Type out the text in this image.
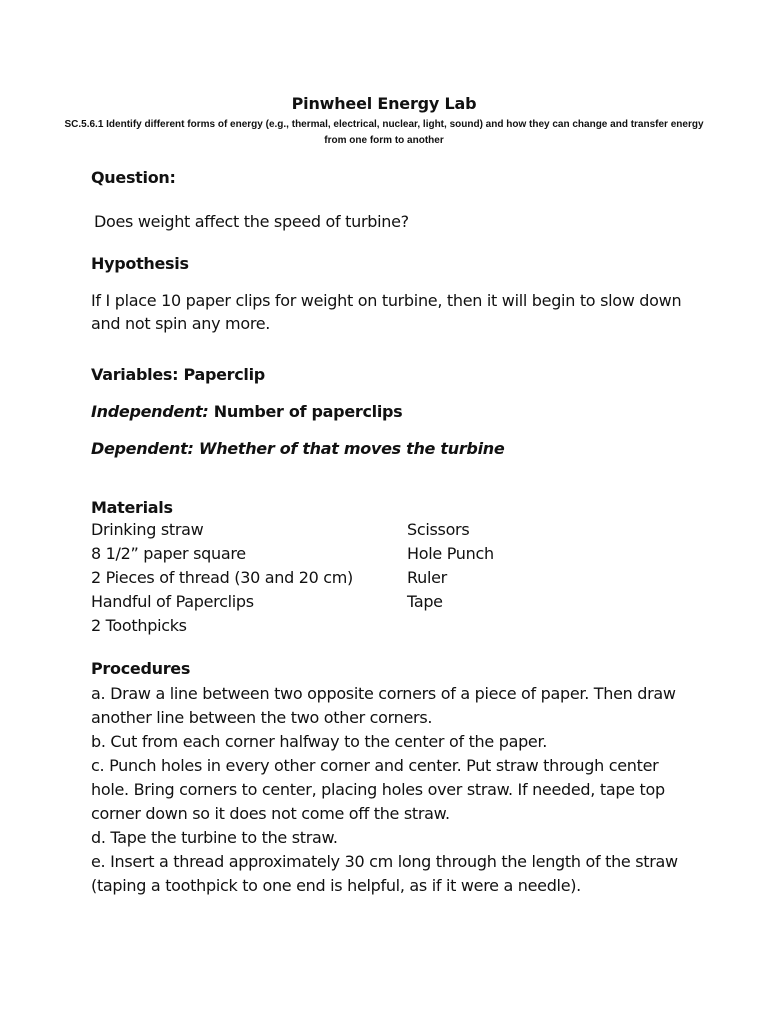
Pinwheel Energy Lab
SC.5.6.1 Identify different forms of energy (e.g., thermal, electrical, nuclear, light, sound) and how they can change and transfer energy from one form to another
Question:
Does weight affect the speed of turbine?
Hypothesis
If I place 10 paper clips for weight on turbine, then it will begin to slow down and not spin any more.
Variables: Paperclip
Independent: Number of paperclips
Dependent: Whether of that moves the turbine
Materials
Drinking straw	Scissors
8 1/2” paper square	Hole Punch
2 Pieces of thread (30 and 20 cm)	Ruler
Handful of Paperclips	Tape
2 Toothpicks
Procedures

a. Draw a line between two opposite corners of a piece of paper. Then draw another line between the two other corners.

b. Cut from each corner halfway to the center of the paper.

c. Punch holes in every other corner and center. Put straw through center hole. Bring corners to center, placing holes over straw. If needed, tape top corner down so it does not come off the straw.

d. Tape the turbine to the straw.

e. Insert a thread approximately 30 cm long through the length of the straw (taping a toothpick to one end is helpful, as if it were a needle).
